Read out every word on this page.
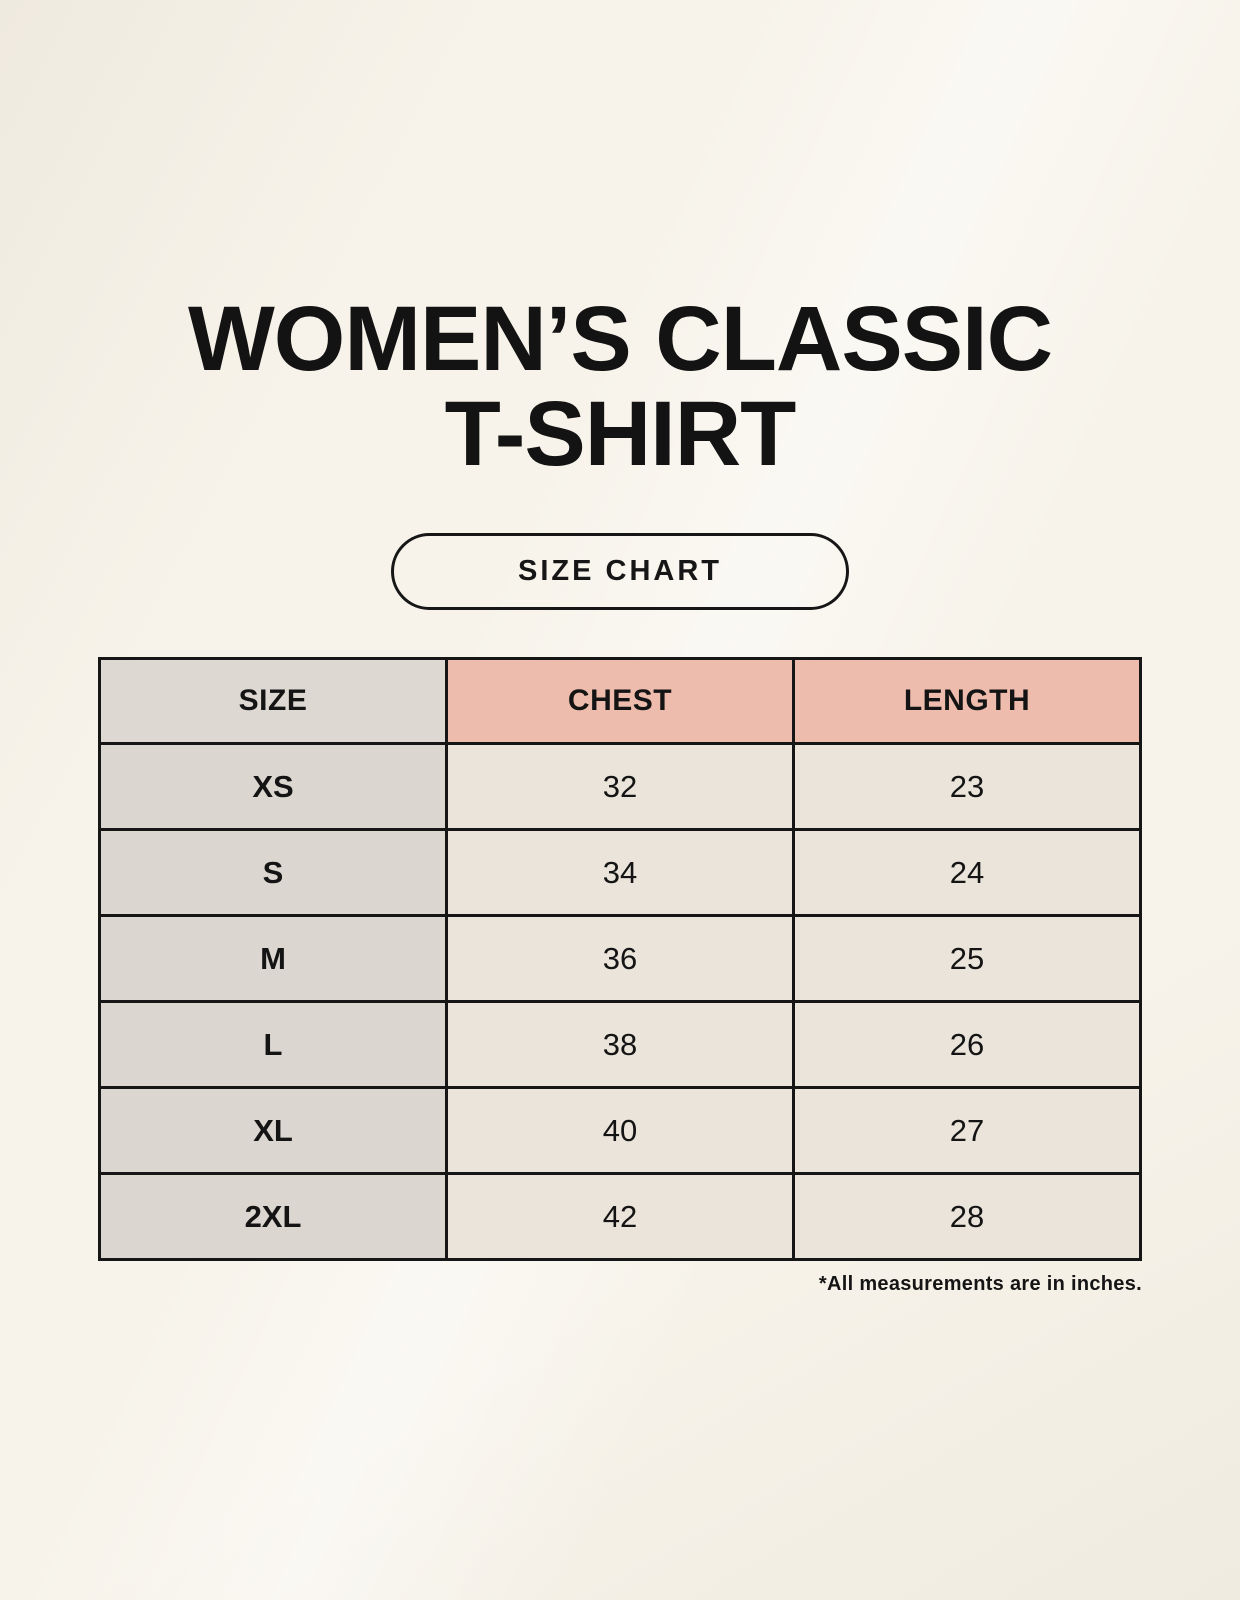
WOMEN’S CLASSIC T-SHIRT
SIZE CHART
SIZE	CHEST	LENGTH
XS	32	23
S	34	24
M	36	25
L	38	26
XL	40	27
2XL	42	28
*All measurements are in inches.
